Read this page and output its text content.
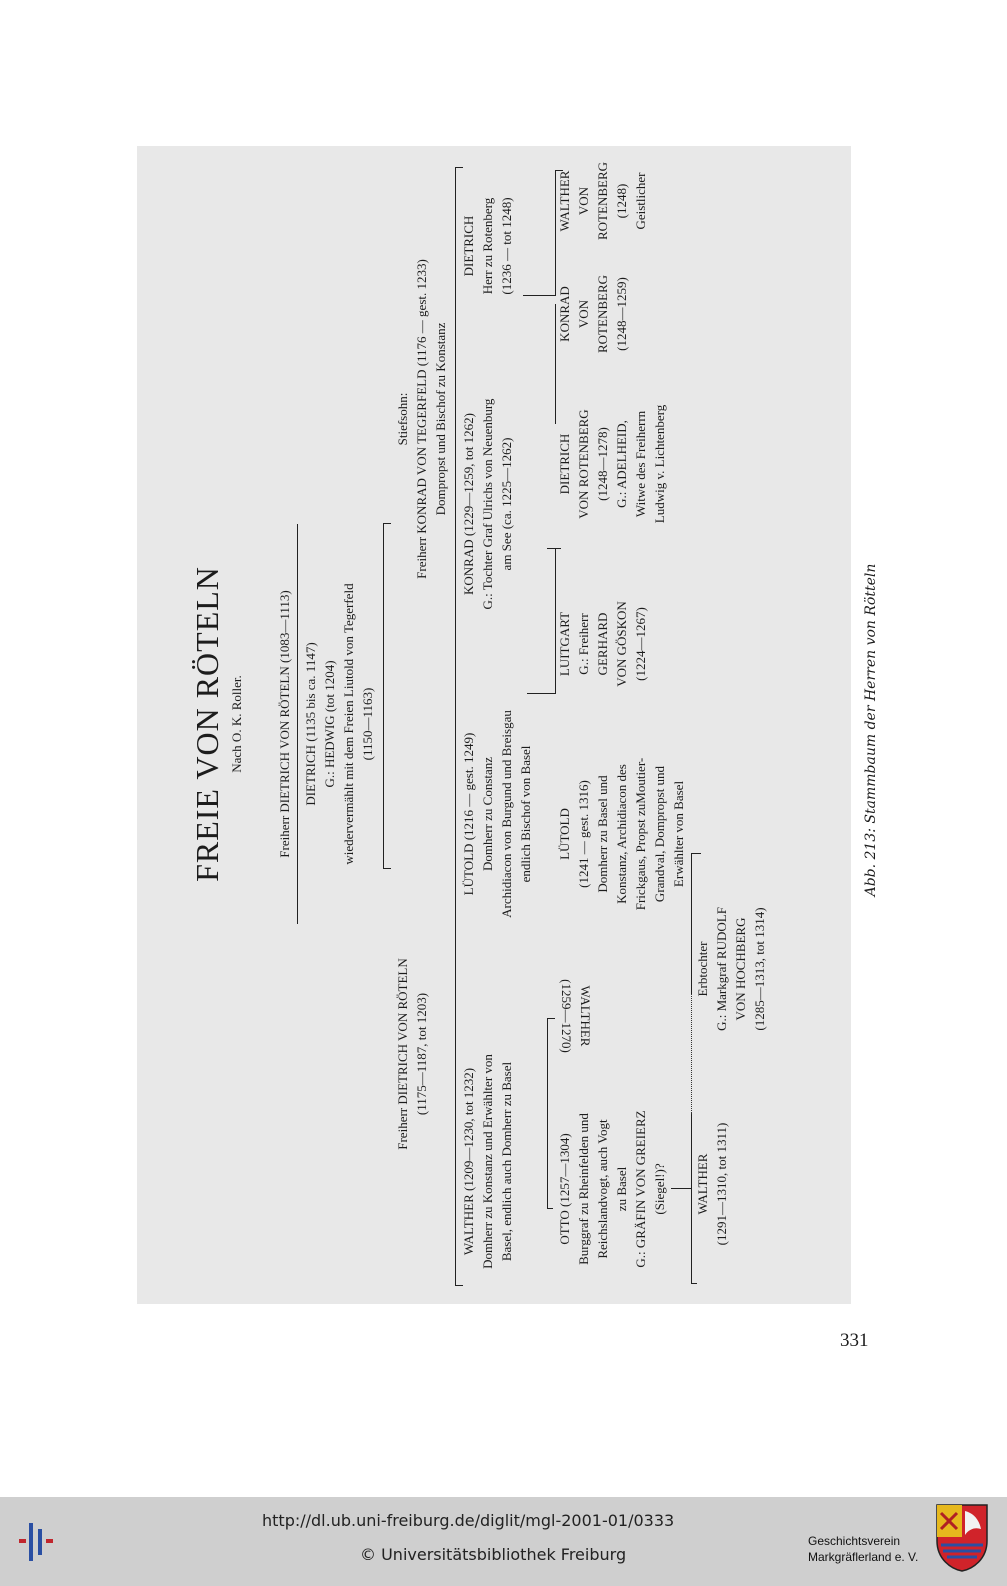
FREIE VON RÖTELN Nach O. K. Roller.	Freiherr DIETRICH VON RÖTELN (1083—1113) DIETRICH (1135 bis ca. 1147) G.: HEDWIG (tot 1204) wiedervermählt mit dem Freien Liutold von Tegerfeld (1150—1163)
Freiherr DIETRICH VON RÖTELN (1175—1187, tot 1203)
Stiefsohn: Freiherr KONRAD VON TEGERFELD (1176 — gest. 1233) Dompropst und Bischof zu Konstanz
WALTHER (1209—1230, tot 1232) Domherr zu Konstanz und Erwählter von Basel, endlich auch Domherr zu Basel
LÜTOLD (1216 — gest. 1249) Domherr zu Constanz Archidiacon von Burgund und Breisgau endlich Bischof von Basel
KONRAD (1229—1259, tot 1262) G.: Tochter Graf Ulrichs von Neuenburg am See (ca. 1225—1262)
DIETRICH Herr zu Rotenberg (1236 — tot 1248)
OTTO (1257—1304) Burggraf zu Rheinfelden und Reichslandvogt, auch Vogt zu Basel G.: GRÄFIN VON GREIERZ (Siegel!)?
WALTHER
(1259—1270)
LÜTOLD (1241 — gest. 1316) Domherr zu Basel und Konstanz, Archidiacon des Frickgaus, Propst zuMoutier- Grandval, Dompropst und Erwählter von Basel
LUITGART G.: Freiherr GERHARD VON GÖSKON (1224—1267)
DIETRICH VON ROTENBERG (1248—1278) G.: ADELHEID, Witwe des Freiherrn Ludwig v. Lichtenberg
KONRAD VON ROTENBERG (1248—1259)
WALTHER VON ROTENBERG (1248) Geistlicher
WALTHER (1291—1310, tot 1311)
Erbtochter G.: Markgraf RUDOLF VON HOCHBERG (1285—1313, tot 1314)
Abb. 213: Stammbaum der Herren von Rötteln
331
http://dl.ub.uni-freiburg.de/diglit/mgl-2001-01/0333
© Universitätsbibliothek Freiburg
Geschichtsverein
Markgräflerland e. V.
